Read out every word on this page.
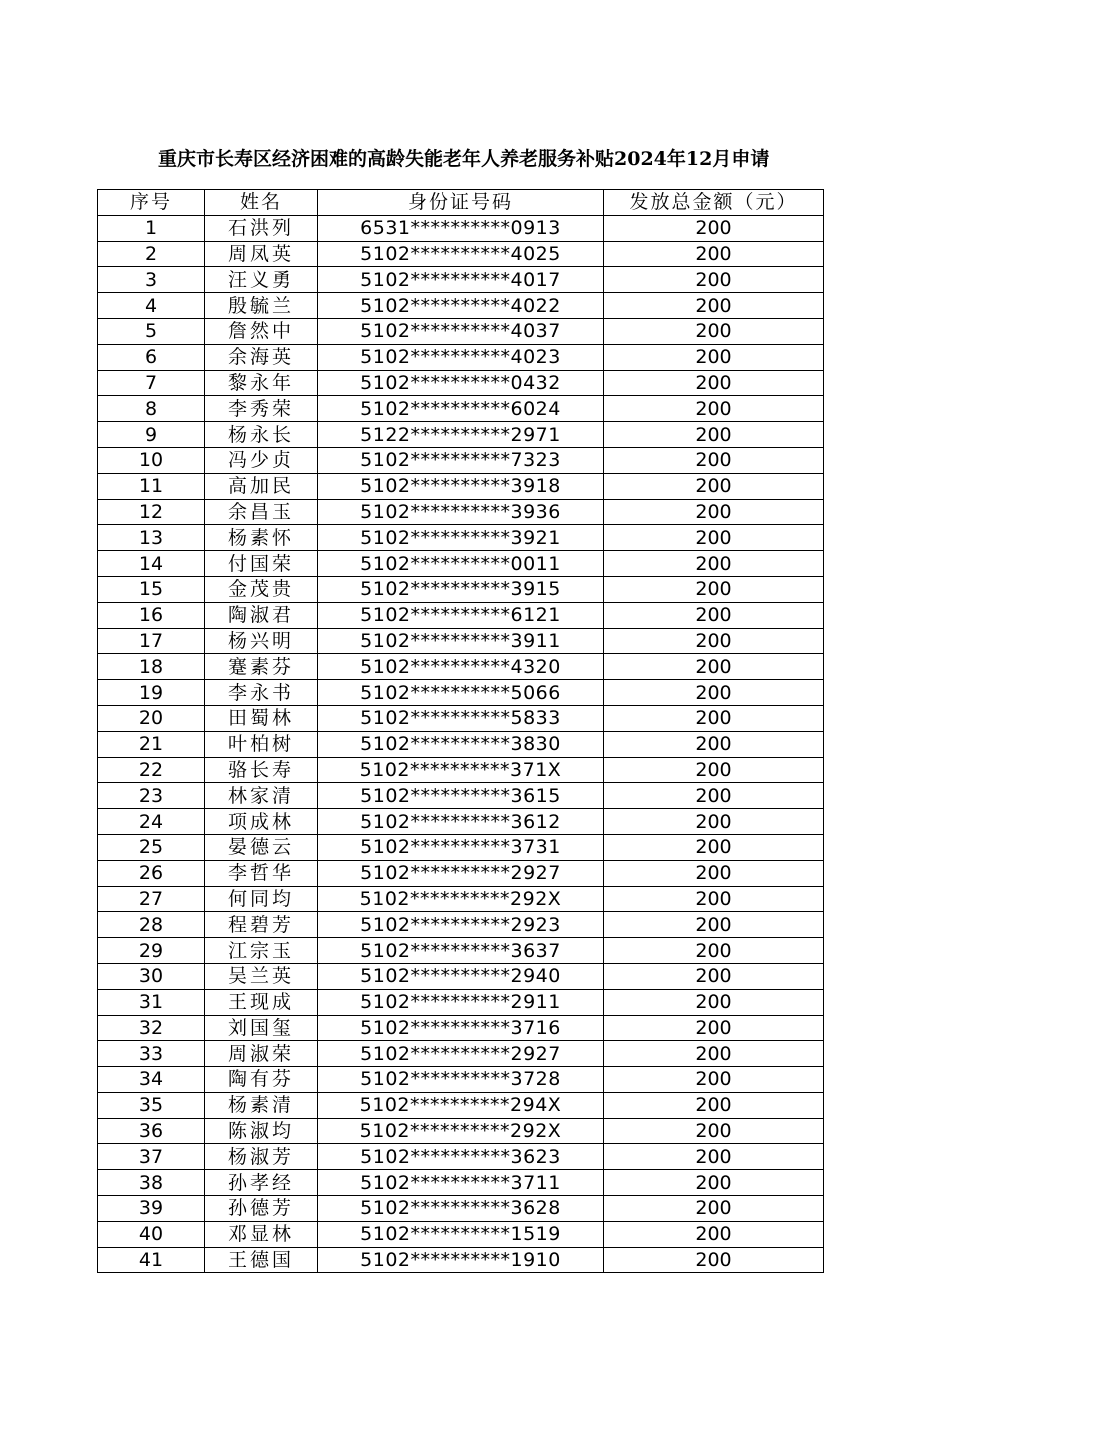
重庆市长寿区经济困难的高龄失能老年人养老服务补贴2024年12月申请
序号	姓名	身份证号码	发放总金额（元）
1	石洪列	6531**********0913	200
2	周凤英	5102**********4025	200
3	汪义勇	5102**********4017	200
4	殷毓兰	5102**********4022	200
5	詹然中	5102**********4037	200
6	余海英	5102**********4023	200
7	黎永年	5102**********0432	200
8	李秀荣	5102**********6024	200
9	杨永长	5122**********2971	200
10	冯少贞	5102**********7323	200
11	高加民	5102**********3918	200
12	余昌玉	5102**********3936	200
13	杨素怀	5102**********3921	200
14	付国荣	5102**********0011	200
15	金茂贵	5102**********3915	200
16	陶淑君	5102**********6121	200
17	杨兴明	5102**********3911	200
18	蹇素芬	5102**********4320	200
19	李永书	5102**********5066	200
20	田蜀林	5102**********5833	200
21	叶柏树	5102**********3830	200
22	骆长寿	5102**********371X	200
23	林家清	5102**********3615	200
24	项成林	5102**********3612	200
25	晏德云	5102**********3731	200
26	李哲华	5102**********2927	200
27	何同均	5102**********292X	200
28	程碧芳	5102**********2923	200
29	江宗玉	5102**********3637	200
30	吴兰英	5102**********2940	200
31	王现成	5102**********2911	200
32	刘国玺	5102**********3716	200
33	周淑荣	5102**********2927	200
34	陶有芬	5102**********3728	200
35	杨素清	5102**********294X	200
36	陈淑均	5102**********292X	200
37	杨淑芳	5102**********3623	200
38	孙孝经	5102**********3711	200
39	孙德芳	5102**********3628	200
40	邓显林	5102**********1519	200
41	王德国	5102**********1910	200
